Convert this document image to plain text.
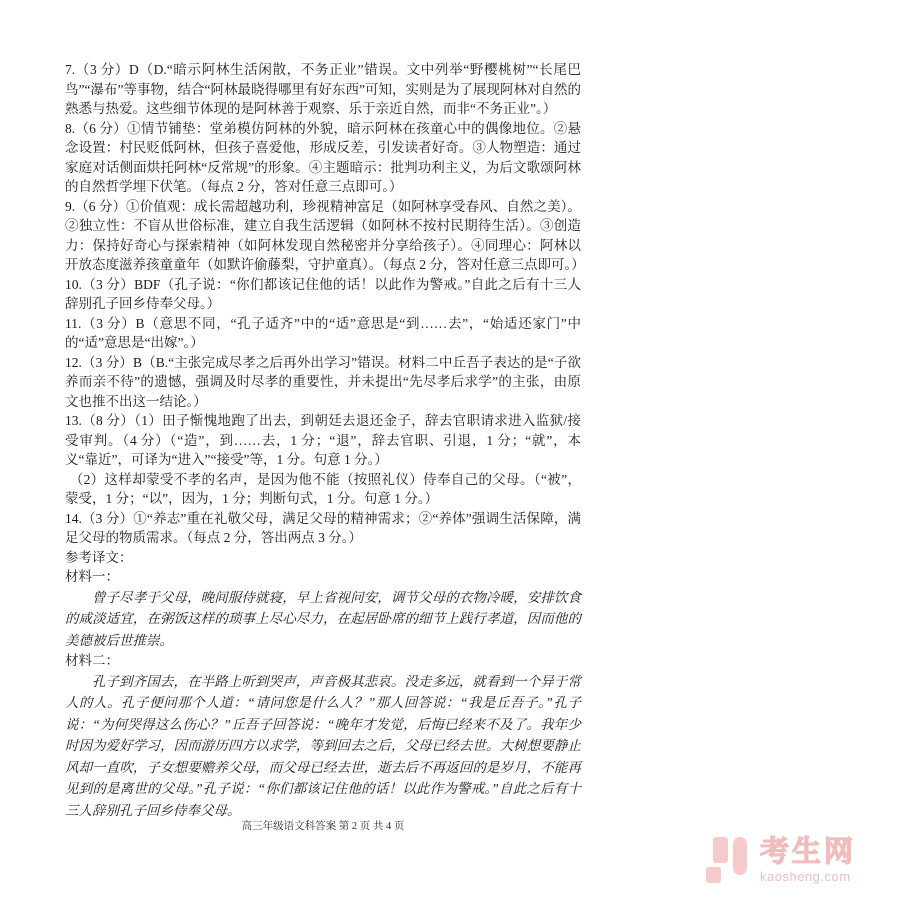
7.（3 分）D（D.“暗示阿林生活闲散，不务正业”错误。文中列举“野樱桃树”“长尾巴鸟”“瀑布”等事物，结合“阿林最晓得哪里有好东西”可知，实则是为了展现阿林对自然的熟悉与热爱。这些细节体现的是阿林善于观察、乐于亲近自然，而非“不务正业”。）

8.（6 分）①情节铺垫：堂弟模仿阿林的外貌，暗示阿林在孩童心中的偶像地位。②悬念设置：村民贬低阿林，但孩子喜爱他，形成反差，引发读者好奇。③人物塑造：通过家庭对话侧面烘托阿林“反常规”的形象。④主题暗示：批判功利主义，为后文歌颂阿林的自然哲学埋下伏笔。（每点 2 分，答对任意三点即可。）

9.（6 分）①价值观：成长需超越功利，珍视精神富足（如阿林享受春风、自然之美）。②独立性：不盲从世俗标准，建立自我生活逻辑（如阿林不按村民期待生活）。③创造力：保持好奇心与探索精神（如阿林发现自然秘密并分享给孩子）。④同理心：阿林以开放态度滋养孩童童年（如默许偷藤梨，守护童真）。（每点 2 分，答对任意三点即可。）

10.（3 分）BDF（孔子说：“你们都该记住他的话！以此作为警戒。”自此之后有十三人辞别孔子回乡侍奉父母。）

11.（3 分）B（意思不同，“孔子适齐”中的“适”意思是“到……去”，“始适还家门”中的“适”意思是“出嫁”。）

12.（3 分）B（B.“主张完成尽孝之后再外出学习”错误。材料二中丘吾子表达的是“子欲养而亲不待”的遗憾，强调及时尽孝的重要性，并未提出“先尽孝后求学”的主张，由原文也推不出这一结论。）

13.（8 分）（1）田子惭愧地跑了出去，到朝廷去退还金子，辞去官职请求进入监狱/接受审判。（4 分）（“造”，到……去，1 分；“退”，辞去官职、引退，1 分；“就”，本义“靠近”，可译为“进入”“接受”等，1 分。句意 1 分。）

（2）这样却蒙受不孝的名声，是因为他不能（按照礼仪）侍奉自己的父母。（“被”，蒙受，1 分；“以”，因为，1 分；判断句式，1 分。句意 1 分。）

14.（3 分）①“养志”重在礼敬父母，满足父母的精神需求；②“养体”强调生活保障，满足父母的物质需求。（每点 2 分，答出两点 3 分。）

参考译文：

材料一：

曾子尽孝于父母，晚间服侍就寝，早上省视问安，调节父母的衣物冷暖，安排饮食的咸淡适宜，在粥饭这样的琐事上尽心尽力，在起居卧席的细节上践行孝道，因而他的美德被后世推崇。

材料二：

孔子到齐国去，在半路上听到哭声，声音极其悲哀。没走多远，就看到一个异于常人的人。孔子便问那个人道：“请问您是什么人？”那人回答说：“我是丘吾子。”孔子说：“为何哭得这么伤心？”丘吾子回答说：“晚年才发觉，后悔已经来不及了。我年少时因为爱好学习，因而游历四方以求学，等到回去之后，父母已经去世。大树想要静止风却一直吹，子女想要赡养父母，而父母已经去世，逝去后不再返回的是岁月，不能再见到的是离世的父母。”孔子说：“你们都该记住他的话！以此作为警戒。”自此之后有十三人辞别孔子回乡侍奉父母。

高三年级语文科答案 第 2 页 共 4 页
考生网
kaosheng.com
